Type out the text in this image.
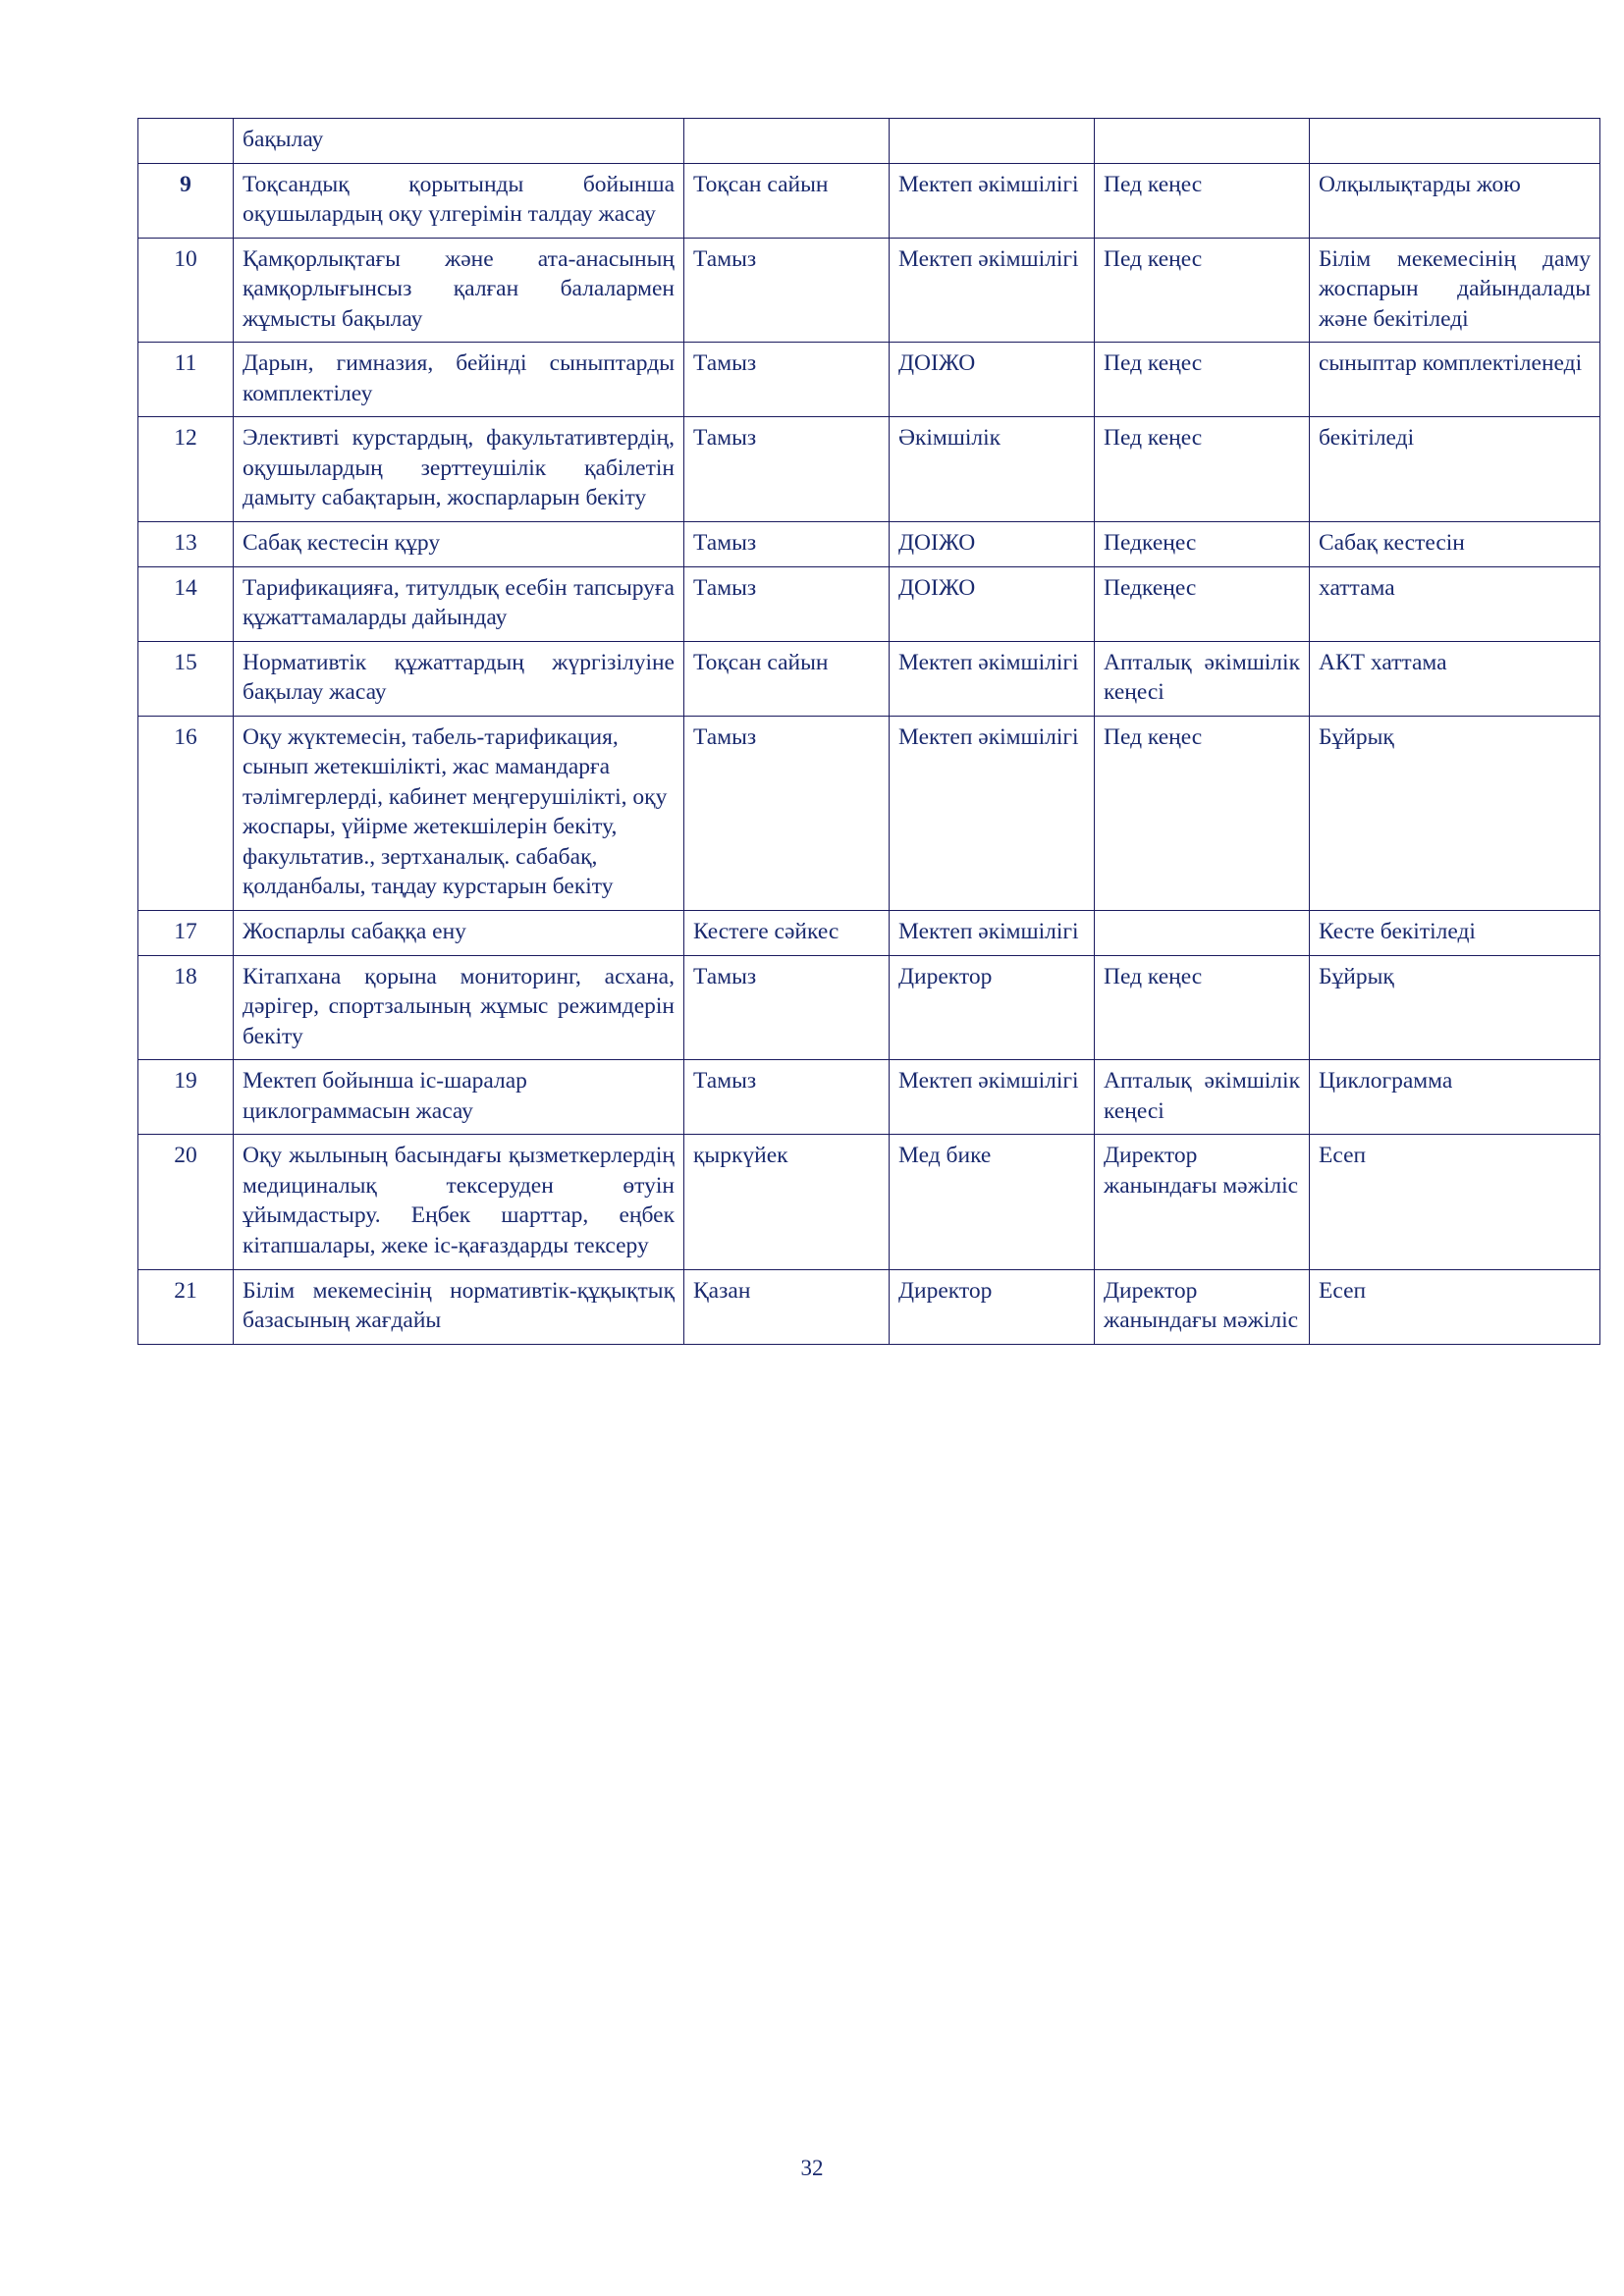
	бақылау				
9	Тоқсандық қорытынды бойынша оқушылардың оқу үлгерімін талдау жасау	Тоқсан сайын	Мектеп әкімшілігі	Пед кеңес	Олқылықтарды жою
10	Қамқорлықтағы және ата-анасының қамқорлығынсыз қалған балалармен жұмысты бақылау	Тамыз	Мектеп әкімшілігі	Пед кеңес	Білім мекемесінің даму жоспарын дайындалады және бекітіледі
11	Дарын, гимназия, бейінді сыныптарды комплектілеу	Тамыз	ДОІЖО	Пед кеңес	сыныптар комплектіленеді
12	Элективті курстардың, факультативтердің, оқушылардың зерттеушілік қабілетін дамыту сабақтарын, жоспарларын бекіту	Тамыз	Әкімшілік	Пед кеңес	бекітіледі
13	Сабақ кестесін құру	Тамыз	ДОІЖО	Педкеңес	Сабақ кестесін
14	Тарификацияға, титулдық есебін тапсыруға құжаттамаларды дайындау	Тамыз	ДОІЖО	Педкеңес	хаттама
15	Нормативтік құжаттардың жүргізілуіне бақылау жасау	Тоқсан сайын	Мектеп әкімшілігі	Апталық әкімшілік кеңесі	АКТ хаттама
16	Оқу жүктемесін, табель-тарификация, сынып жетекшілікті, жас мамандарға тәлімгерлерді, кабинет меңгерушілікті, оқу жоспары, үйірме жетекшілерін бекіту, факультатив., зертханалық. сабабақ, қолданбалы, таңдау курстарын бекіту	Тамыз	Мектеп әкімшілігі	Пед кеңес	Бұйрық
17	Жоспарлы сабаққа ену	Кестеге сәйкес	Мектеп әкімшілігі		Кесте бекітіледі
18	Кітапхана қорына мониторинг, асхана, дәрігер, спортзалының жұмыс режимдерін бекіту	Тамыз	Директор	Пед кеңес	Бұйрық
19	Мектеп бойынша іс-шаралар циклограммасын жасау	Тамыз	Мектеп әкімшілігі	Апталық әкімшілік кеңесі	Циклограмма
20	Оқу жылының басындағы қызметкерлердің медициналық тексеруден өтуін ұйымдастыру. Еңбек шарттар, еңбек кітапшалары, жеке іс-қағаздарды тексеру	қыркүйек	Мед бике	Директор жанындағы мәжіліс	Есеп
21	Білім мекемесінің нормативтік-құқықтық базасының жағдайы	Қазан	Директор	Директор жанындағы мәжіліс	Есеп
32
